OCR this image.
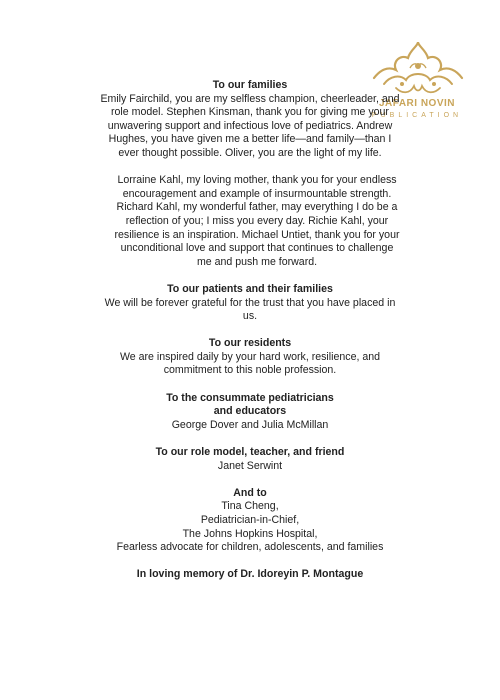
JAFARI NOVIN
PUBLICATION
To our families
Emily Fairchild, you are my selfless champion, cheerleader, and role model. Stephen Kinsman, thank you for giving me your unwavering support and infectious love of pediatrics. Andrew Hughes, you have given me a better life—and family—than I ever thought possible. Oliver, you are the light of my life.
Lorraine Kahl, my loving mother, thank you for your endless encouragement and example of insurmountable strength. Richard Kahl, my wonderful father, may everything I do be a reflection of you; I miss you every day. Richie Kahl, your resilience is an inspiration. Michael Untiet, thank you for your unconditional love and support that continues to challenge me and push me forward.
To our patients and their families
We will be forever grateful for the trust that you have placed in us.
To our residents
We are inspired daily by your hard work, resilience, and commitment to this noble profession.
To the consummate pediatricians
and educators
George Dover and Julia McMillan
To our role model, teacher, and friend
Janet Serwint
And to
Tina Cheng,
Pediatrician-in-Chief,
The Johns Hopkins Hospital,
Fearless advocate for children, adolescents, and families
In loving memory of Dr. Idoreyin P. Montague
